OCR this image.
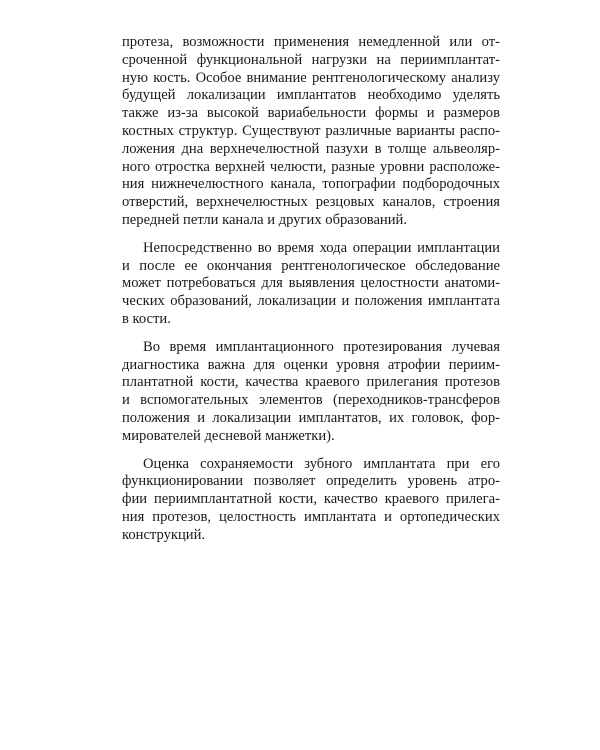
протеза, возможности применения немедленной или от-
сроченной функциональной нагрузки на периимплантат-
ную кость. Особое внимание рентгенологическому анализу
будущей локализации имплантатов необходимо уделять
также из-за высокой вариабельности формы и размеров
костных структур. Существуют различные варианты распо-
ложения дна верхнечелюстной пазухи в толще альвеоляр-
ного отростка верхней челюсти, разные уровни расположе-
ния нижнечелюстного канала, топографии подбородочных
отверстий, верхнечелюстных резцовых каналов, строения
передней петли канала и других образований.

Непосредственно во время хода операции имплантации
и после ее окончания рентгенологическое обследование
может потребоваться для выявления целостности анатоми-
ческих образований, локализации и положения имплантата
в кости.

Во время имплантационного протезирования лучевая
диагностика важна для оценки уровня атрофии периим-
плантатной кости, качества краевого прилегания протезов
и вспомогательных элементов (переходников-трансферов
положения и локализации имплантатов, их головок, фор-
мирователей десневой манжетки).

Оценка сохраняемости зубного имплантата при его
функционировании позволяет определить уровень атро-
фии периимплантатной кости, качество краевого прилега-
ния протезов, целостность имплантата и ортопедических
конструкций.
